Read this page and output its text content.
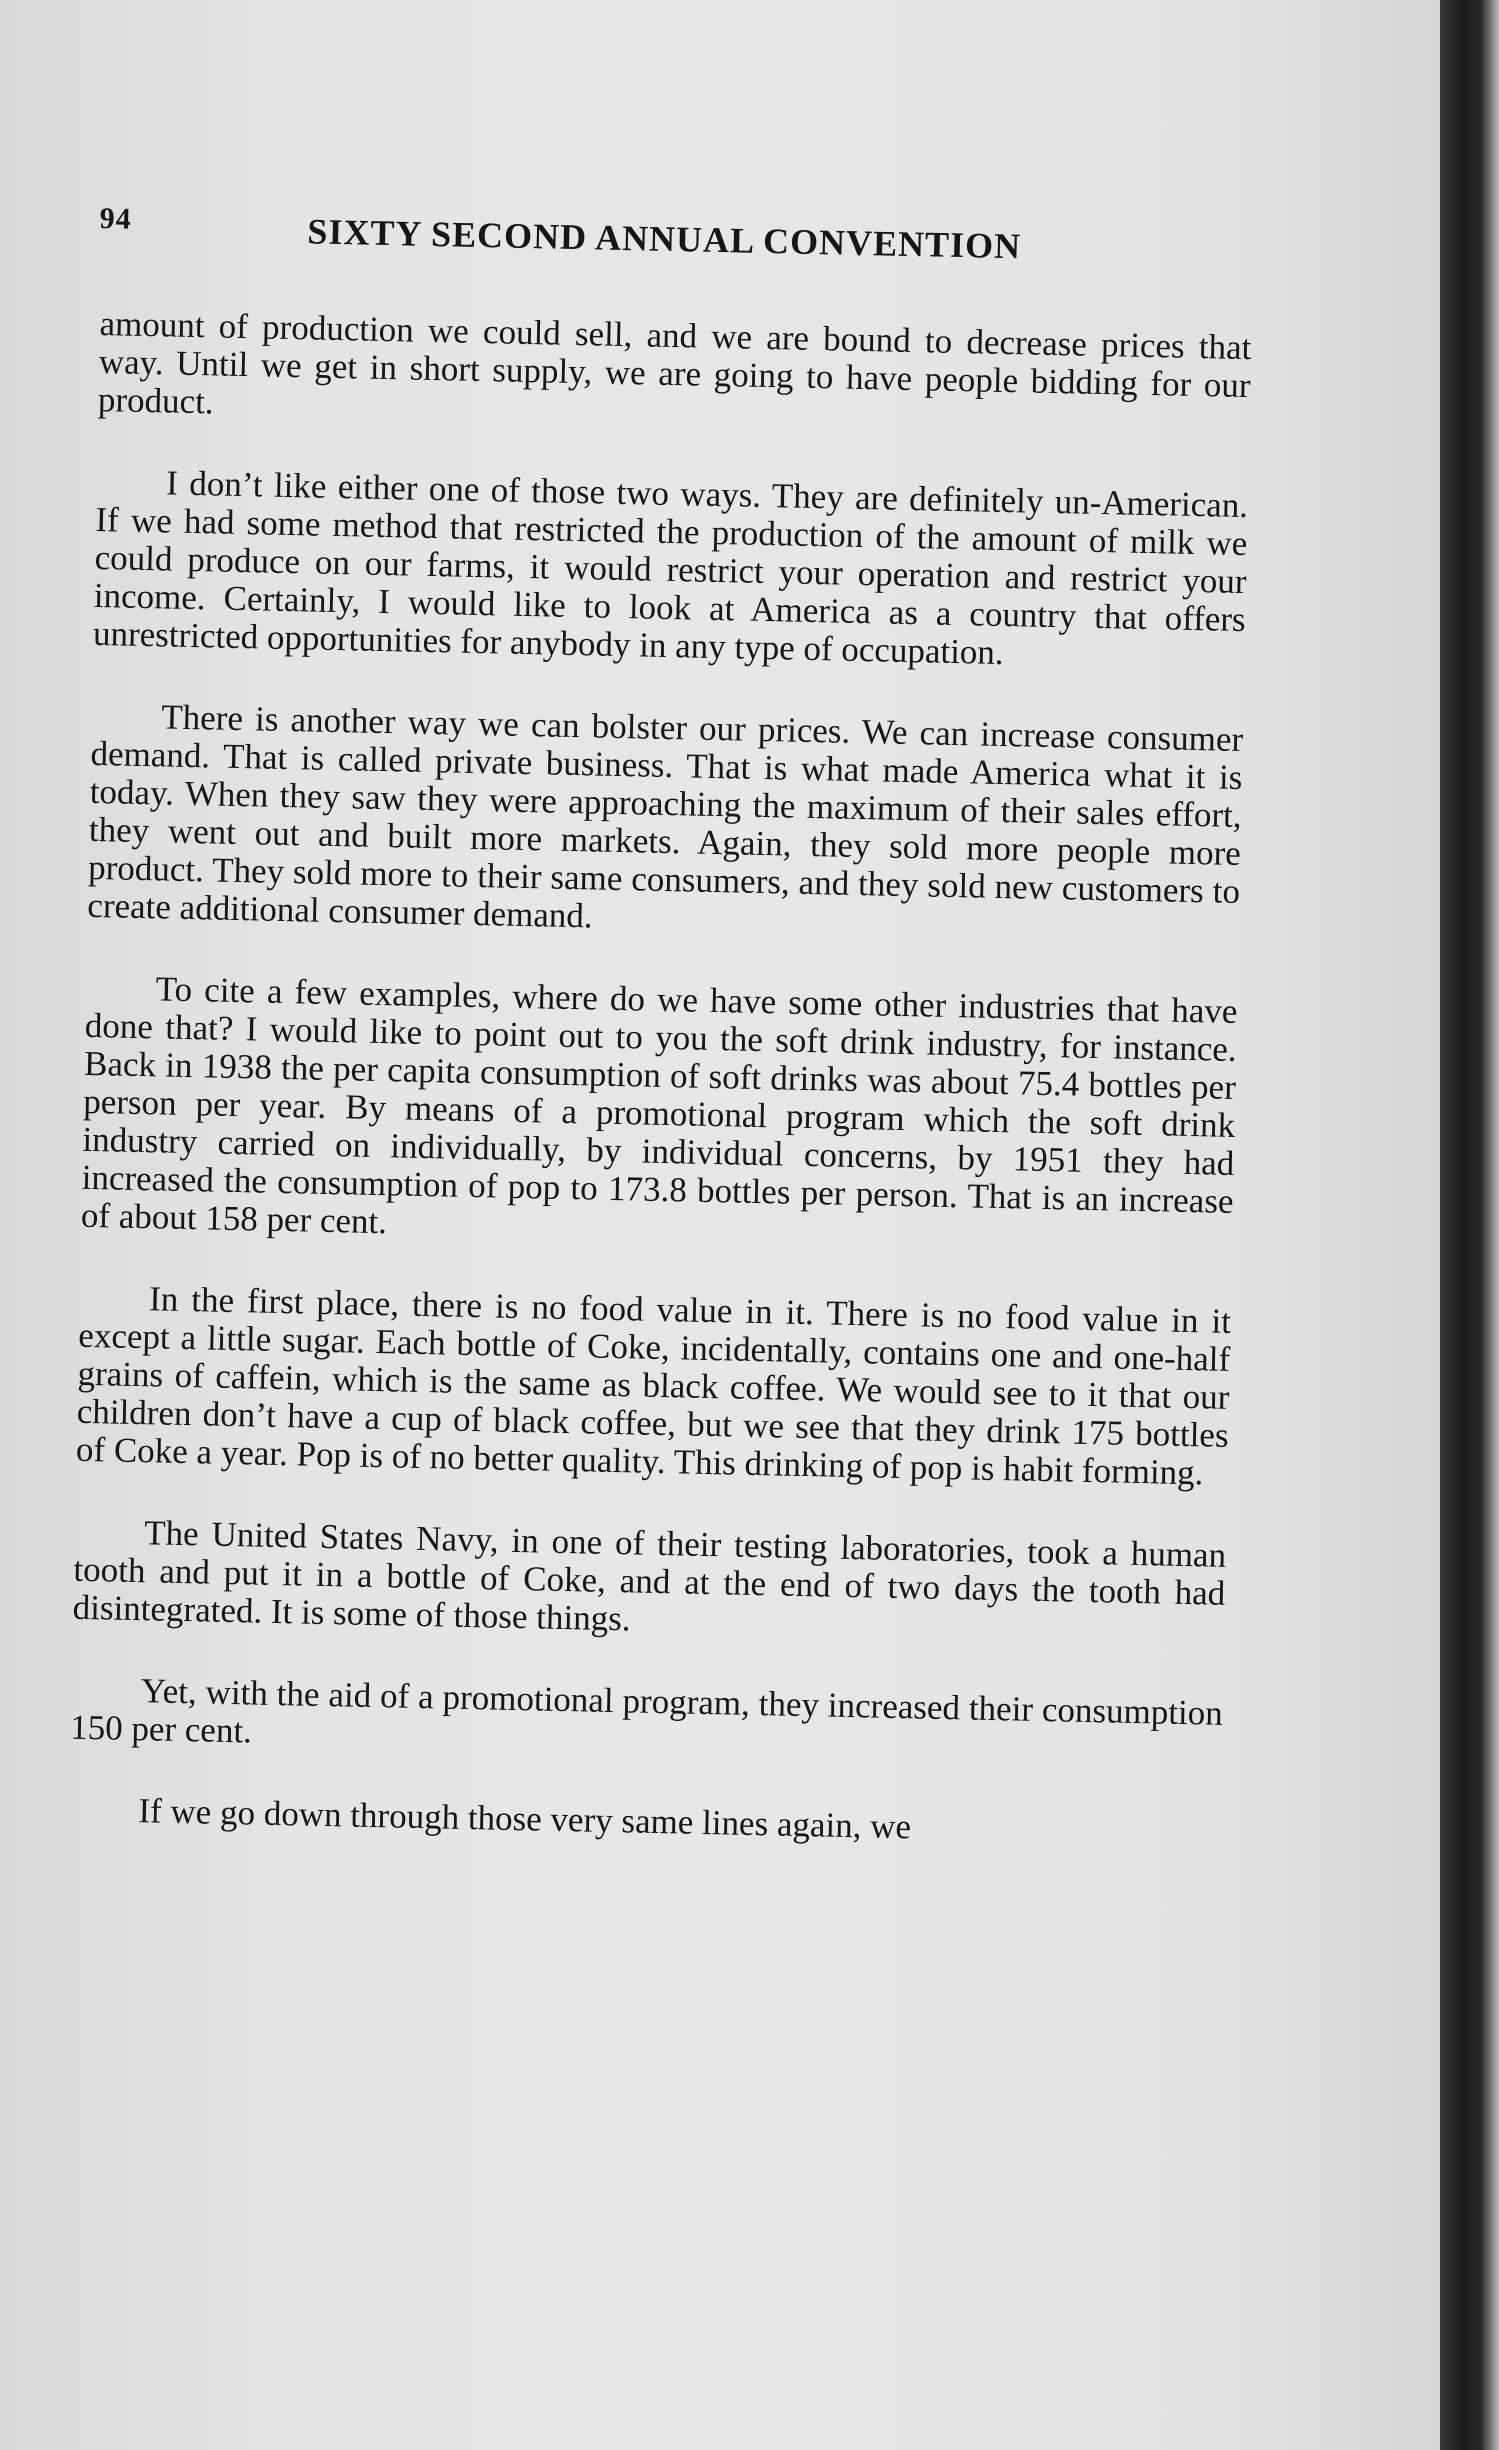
94	SIXTY SECOND ANNUAL CONVENTION

amount of production we could sell, and we are bound to decrease prices that way. Until we get in short supply, we are going to have people bidding for our product.

I don’t like either one of those two ways. They are definitely un-American. If we had some method that restricted the production of the amount of milk we could produce on our farms, it would restrict your operation and restrict your income. Certainly, I would like to look at America as a country that offers unrestricted opportunities for anybody in any type of occupation.

There is another way we can bolster our prices. We can increase consumer demand. That is called private business. That is what made America what it is today. When they saw they were approaching the maximum of their sales effort, they went out and built more markets. Again, they sold more people more product. They sold more to their same consumers, and they sold new customers to create additional consumer demand.

To cite a few examples, where do we have some other industries that have done that? I would like to point out to you the soft drink industry, for instance. Back in 1938 the per capita consumption of soft drinks was about 75.4 bottles per person per year. By means of a promotional program which the soft drink industry carried on individually, by individual concerns, by 1951 they had increased the consumption of pop to 173.8 bottles per person. That is an increase of about 158 per cent.

In the first place, there is no food value in it. There is no food value in it except a little sugar. Each bottle of Coke, incidentally, contains one and one-half grains of caffein, which is the same as black coffee. We would see to it that our children don’t have a cup of black coffee, but we see that they drink 175 bottles of Coke a year. Pop is of no better quality. This drinking of pop is habit forming.

The United States Navy, in one of their testing laboratories, took a human tooth and put it in a bottle of Coke, and at the end of two days the tooth had disintegrated. It is some of those things.

Yet, with the aid of a promotional program, they increased their consumption 150 per cent.

If we go down through those very same lines again, we
